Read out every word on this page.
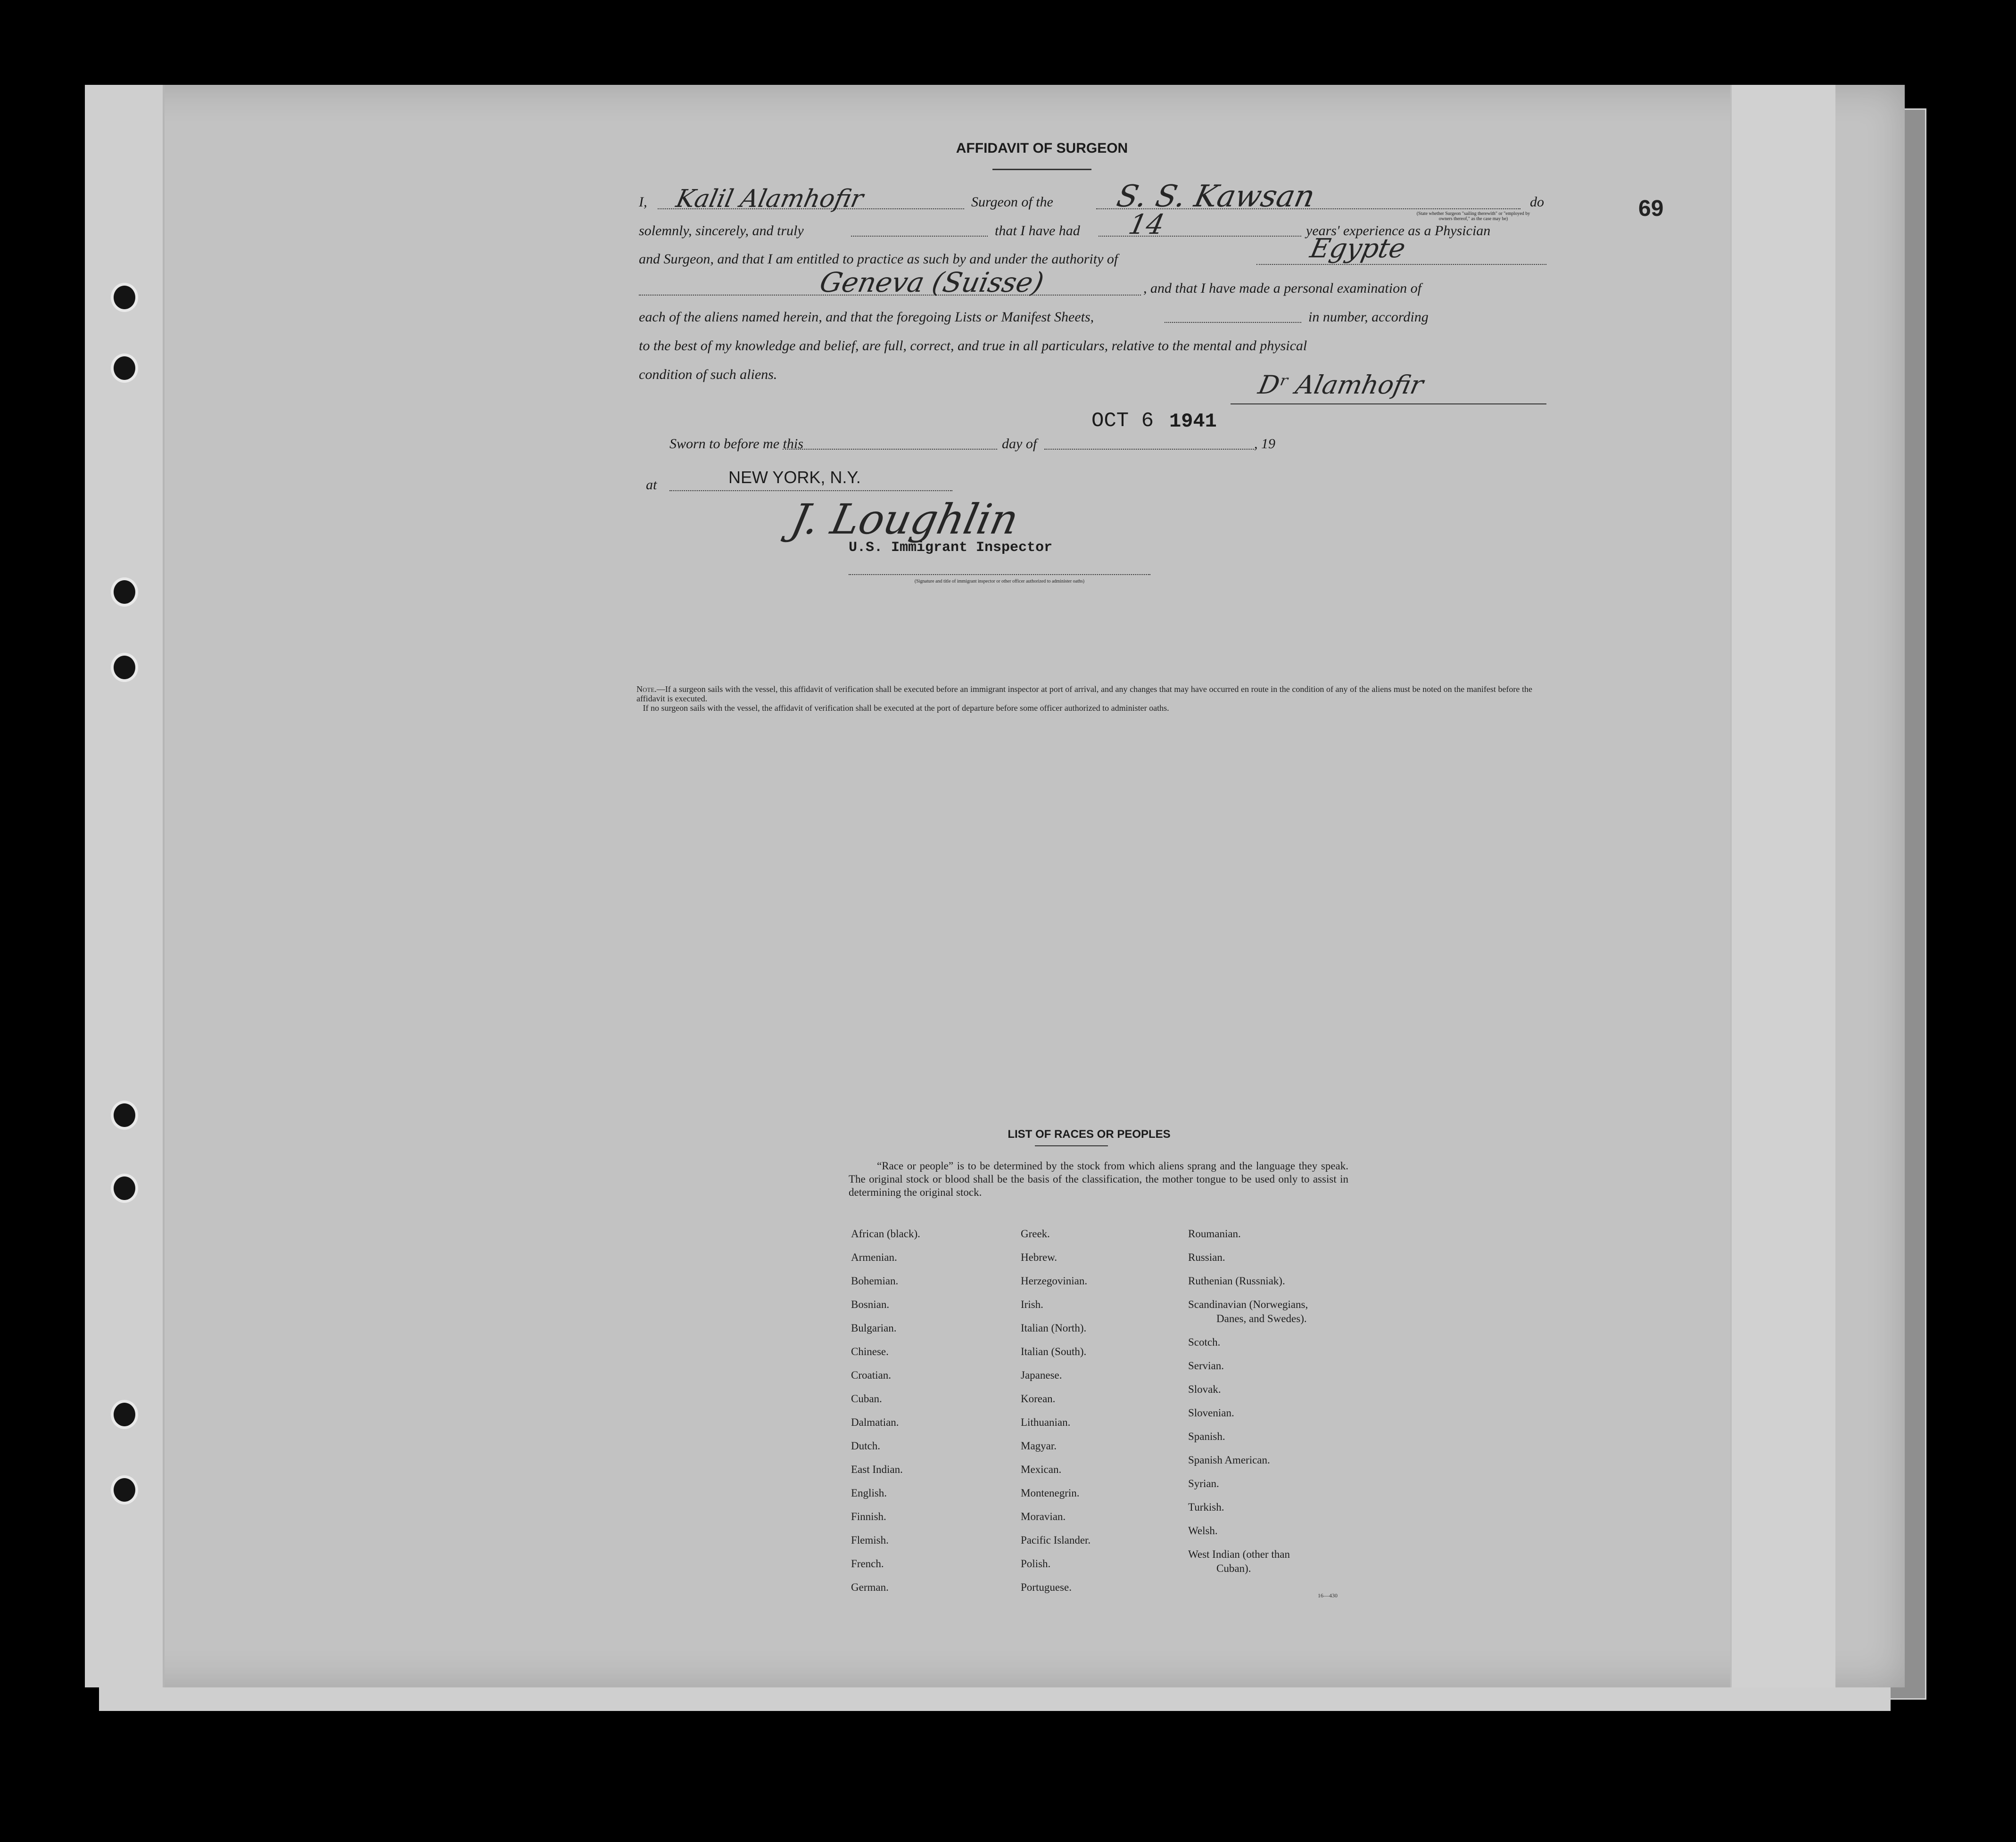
69
AFFIDAVIT OF SURGEON
I, Kalil Alamhofir	Surgeon of the S. S. Kawsan	do
(State whether Surgeon "sailing therewith" or "employed by owners thereof," as the case may be)
solemnly, sincerely, and truly	that I have had 14	years' experience as a Physician
and Surgeon, and that I am entitled to practice as such by and under the authority of	Egypte
Geneva (Suisse)	, and that I have made a personal examination of
each of the aliens named herein, and that the foregoing Lists or Manifest Sheets,	in number, according
to the best of my knowledge and belief, are full, correct, and true in all particulars, relative to the mental and physical
condition of such aliens.
OCT 6 1941
Dʳ Alamhofir
Sworn to before me this	day of	, 19
at	NEW YORK, N.Y.
J. Loughlin
U.S. Immigrant Inspector
(Signature and title of immigrant inspector or other officer authorized to administer oaths)
Note.—If a surgeon sails with the vessel, this affidavit of verification shall be executed before an immigrant inspector at port of arrival, and any changes that may have occurred en route in the condition of any of the aliens must be noted on the manifest before the affidavit is executed.
If no surgeon sails with the vessel, the affidavit of verification shall be executed at the port of departure before some officer authorized to administer oaths.
LIST OF RACES OR PEOPLES
“Race or people” is to be determined by the stock from which aliens sprang and the language they speak. The original stock or blood shall be the basis of the classification, the mother tongue to be used only to assist in determining the original stock.
African (black).
Armenian.
Bohemian.
Bosnian.
Bulgarian.
Chinese.
Croatian.
Cuban.
Dalmatian.
Dutch.
East Indian.
English.
Finnish.
Flemish.
French.
German.
Greek.
Hebrew.
Herzegovinian.
Irish.
Italian (North).
Italian (South).
Japanese.
Korean.
Lithuanian.
Magyar.
Mexican.
Montenegrin.
Moravian.
Pacific Islander.
Polish.
Portuguese.
Roumanian.
Russian.
Ruthenian (Russniak).
Scandinavian (Norwegians,
Danes, and Swedes).
Scotch.
Servian.
Slovak.
Slovenian.
Spanish.
Spanish American.
Syrian.
Turkish.
Welsh.
West Indian (other than
Cuban).
16—430
